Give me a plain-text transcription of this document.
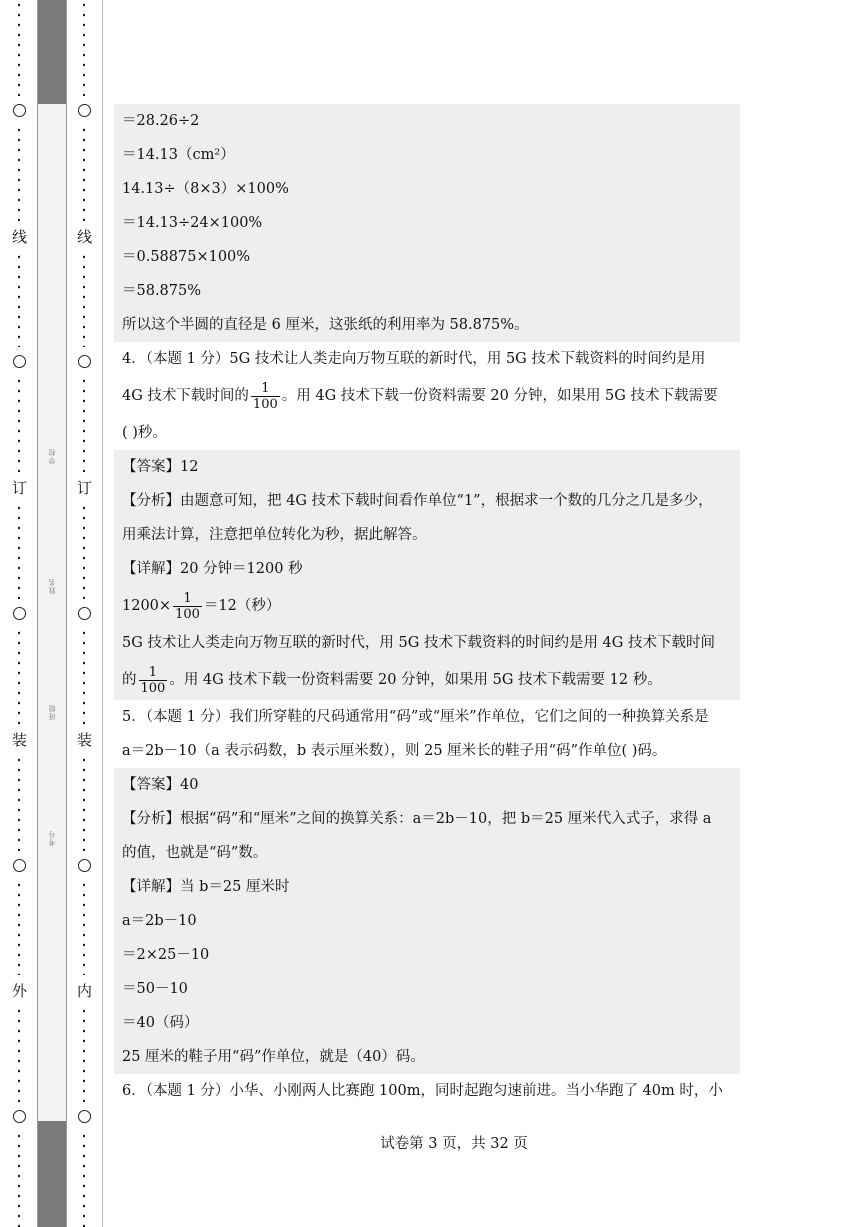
线
订
装
外
学校
姓名
班级
考号
线
订
装
内
＝28.26÷2
＝14.13（cm²）
14.13÷（8×3）×100%
＝14.13÷24×100%
＝0.58875×100%
＝58.875%
所以这个半圆的直径是 6 厘米，这张纸的利用率为 58.875%。
4．（本题 1 分）5G 技术让人类走向万物互联的新时代，用 5G 技术下载资料的时间约是用
4G 技术下载时间的 $\frac{1}{100}$ 。用 4G 技术下载一份资料需要 20 分钟，如果用 5G 技术下载需要
( )秒。
【答案】12
【分析】由题意可知，把 4G 技术下载时间看作单位“1”，根据求一个数的几分之几是多少，
用乘法计算，注意把单位转化为秒，据此解答。
【详解】20 分钟＝1200 秒
$1200\times \frac{1}{100} =12$（秒）
5G 技术让人类走向万物互联的新时代，用 5G 技术下载资料的时间约是用 4G 技术下载时间
的 $\frac{1}{100}$ 。用 4G 技术下载一份资料需要 20 分钟，如果用 5G 技术下载需要 12 秒。
5．（本题 1 分）我们所穿鞋的尺码通常用“码”或“厘米”作单位，它们之间的一种换算关系是
a＝2b－10（a 表示码数，b 表示厘米数），则 25 厘米长的鞋子用“码”作单位( )码。
【答案】40
【分析】根据“码”和“厘米”之间的换算关系：a＝2b－10，把 b＝25 厘米代入式子，求得 a
的值，也就是“码”数。
【详解】当 b＝25 厘米时
a＝2b－10
＝2×25－10
＝50－10
＝40（码）
25 厘米的鞋子用“码”作单位，就是（40）码。
6．（本题 1 分）小华、小刚两人比赛跑 100m，同时起跑匀速前进。当小华跑了 40m 时，小
试卷第 3 页，共 32 页
